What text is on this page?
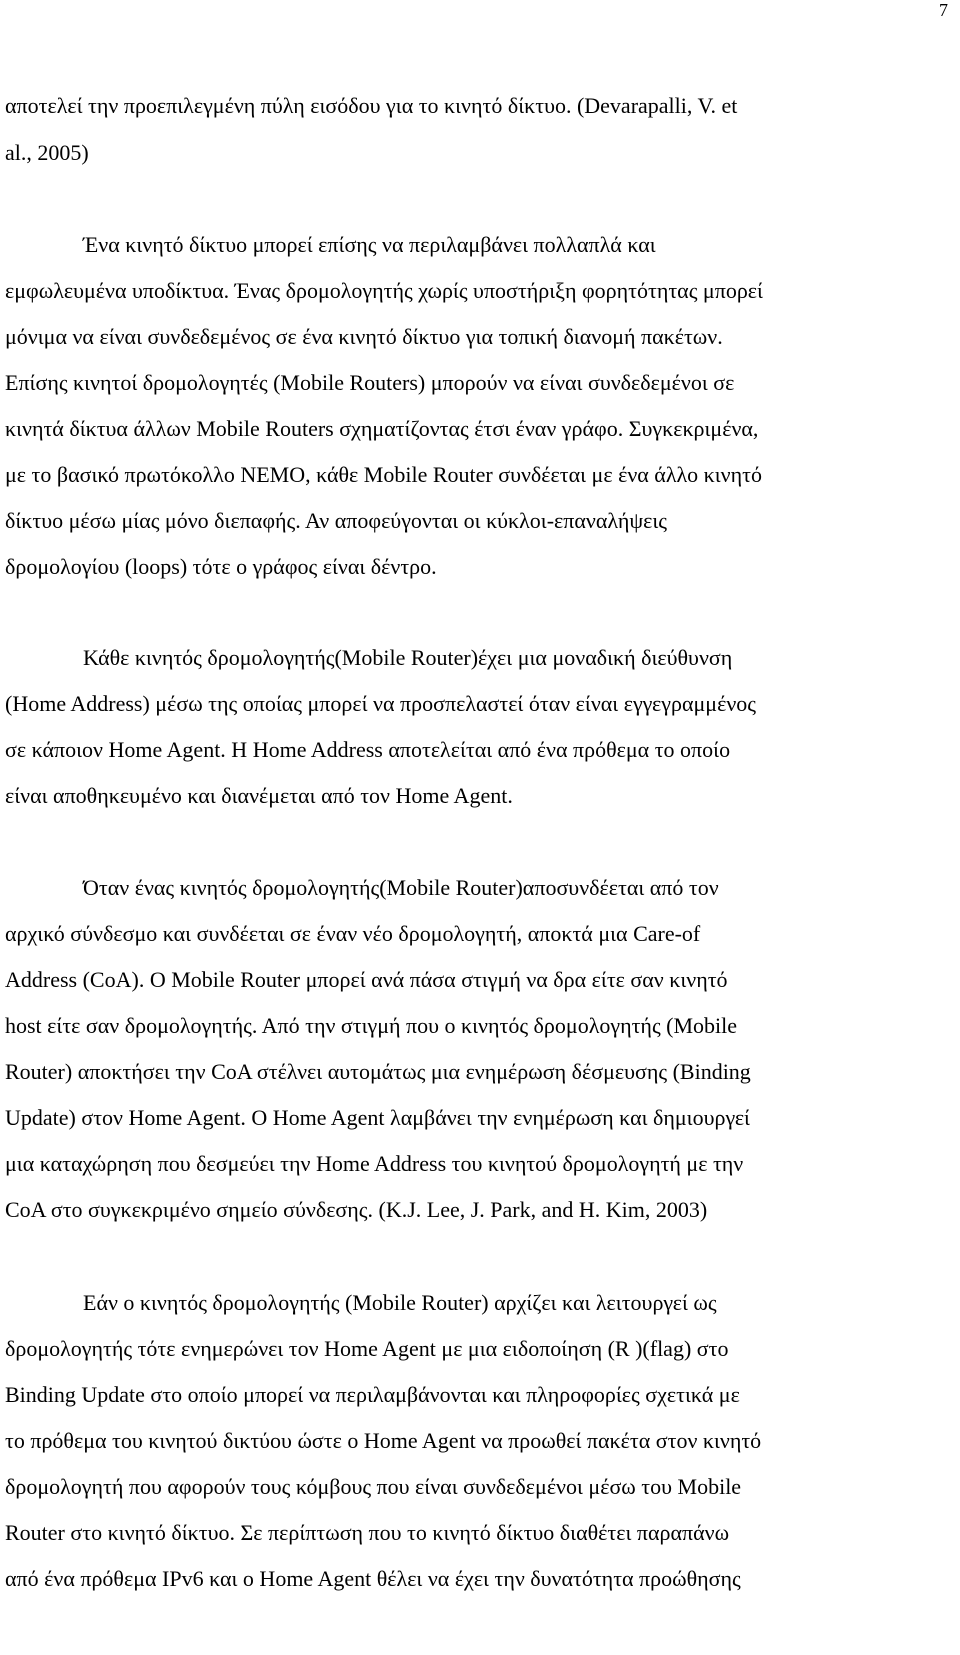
7
αποτελεί την προεπιλεγμένη πύλη εισόδου για το κινητό δίκτυο. (Devarapalli, V. et
al., 2005)
Ένα κινητό δίκτυο μπορεί επίσης να περιλαμβάνει πολλαπλά και
εμφωλευμένα υποδίκτυα. Ένας δρομολογητής χωρίς υποστήριξη φορητότητας μπορεί
μόνιμα να είναι συνδεδεμένος σε ένα κινητό δίκτυο για τοπική διανομή πακέτων.
Επίσης κινητοί δρομολογητές (Mobile Routers) μπορούν να είναι συνδεδεμένοι σε
κινητά δίκτυα άλλων Mobile Routers σχηματίζοντας έτσι έναν γράφο. Συγκεκριμένα,
με το βασικό πρωτόκολλο NEMO, κάθε Mobile Router συνδέεται με ένα άλλο κινητό
δίκτυο μέσω μίας μόνο διεπαφής. Αν αποφεύγονται οι κύκλοι-επαναλήψεις
δρομολογίου (loops) τότε ο γράφος είναι δέντρο.
Κάθε κινητός δρομολογητής(Mobile Router)έχει μια μοναδική διεύθυνση
(Home Address) μέσω της οποίας μπορεί να προσπελαστεί όταν είναι εγγεγραμμένος
σε κάποιον Home Agent. Η Home Address αποτελείται από ένα πρόθεμα το οποίο
είναι αποθηκευμένο και διανέμεται από τον Home Agent.
Όταν ένας κινητός δρομολογητής(Mobile Router)αποσυνδέεται από τον
αρχικό σύνδεσμο και συνδέεται σε έναν νέο δρομολογητή, αποκτά μια Care-of
Address (CoA). O Mobile Router μπορεί ανά πάσα στιγμή να δρα είτε σαν κινητό
host είτε σαν δρομολογητής. Από την στιγμή που ο κινητός δρομολογητής (Mobile
Router) αποκτήσει την CoA στέλνει αυτομάτως μια ενημέρωση δέσμευσης (Binding
Update) στον Home Agent. O Home Agent λαμβάνει την ενημέρωση και δημιουργεί
μια καταχώρηση που δεσμεύει την Home Address του κινητού δρομολογητή με την
CoA στο συγκεκριμένο σημείο σύνδεσης. (K.J. Lee, J. Park, and H. Kim, 2003)
Εάν ο κινητός δρομολογητής (Mobile Router) αρχίζει και λειτουργεί ως
δρομολογητής τότε ενημερώνει τον Home Agent με μια ειδοποίηση (R )(flag) στο
Binding Update στο οποίο μπορεί να περιλαμβάνονται και πληροφορίες σχετικά με
το πρόθεμα του κινητού δικτύου ώστε ο Home Agent να προωθεί πακέτα στον κινητό
δρομολογητή που αφορούν τους κόμβους που είναι συνδεδεμένοι μέσω του Mobile
Router στο κινητό δίκτυο. Σε περίπτωση που το κινητό δίκτυο διαθέτει παραπάνω
από ένα πρόθεμα IPv6 και ο Home Agent θέλει να έχει την δυνατότητα προώθησης
